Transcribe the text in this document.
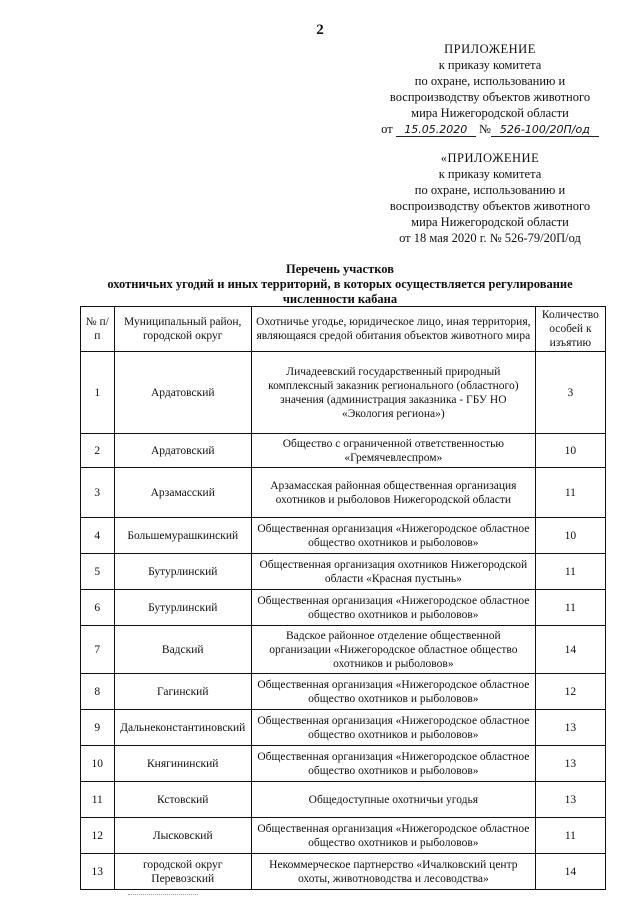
2
ПРИЛОЖЕНИЕ
к приказу комитета
по охране, использованию и
воспроизводству объектов животного
мира Нижегородской области
от
	15.05.2020
№ 526-100/20П/од
«ПРИЛОЖЕНИЕ
к приказу комитета
по охране, использованию и
воспроизводству объектов животного
мира Нижегородской области
от 18 мая 2020 г. № 526-79/20П/од
Перечень участков
охотничьих угодий и иных территорий, в которых осуществляется регулирование
численности кабана
№ п/п	Муниципальный район, городской округ	Охотничье угодье, юридическое лицо, иная территория, являющаяся средой обитания объектов животного мира	Количество особей к изъятию
1	Ардатовский	Личадеевский государственный природный комплексный заказник регионального (областного) значения (администрация заказника - ГБУ НО «Экология региона»)	3
2	Ардатовский	Общество с ограниченной ответственностью «Гремячевлеспром»	10
3	Арзамасский	Арзамасская районная общественная организация охотников и рыболовов Нижегородской области	11
4	Большемурашкинский	Общественная организация «Нижегородское областное общество охотников и рыболовов»	10
5	Бутурлинский	Общественная организация охотников Нижегородской области «Красная пустынь»	11
6	Бутурлинский	Общественная организация «Нижегородское областное общество охотников и рыболовов»	11
7	Вадский	Вадское районное отделение общественной организации «Нижегородское областное общество охотников и рыболовов»	14
8	Гагинский	Общественная организация «Нижегородское областное общество охотников и рыболовов»	12
9	Дальнеконстантиновский	Общественная организация «Нижегородское областное общество охотников и рыболовов»	13
10	Княгининский	Общественная организация «Нижегородское областное общество охотников и рыболовов»	13
11	Кстовский	Общедоступные охотничьи угодья	13
12	Лысковский	Общественная организация «Нижегородское областное общество охотников и рыболовов»	11
13	городской округ Перевозский	Некоммерческое партнерство «Ичалковский центр охоты, животноводства и лесоводства»	14
